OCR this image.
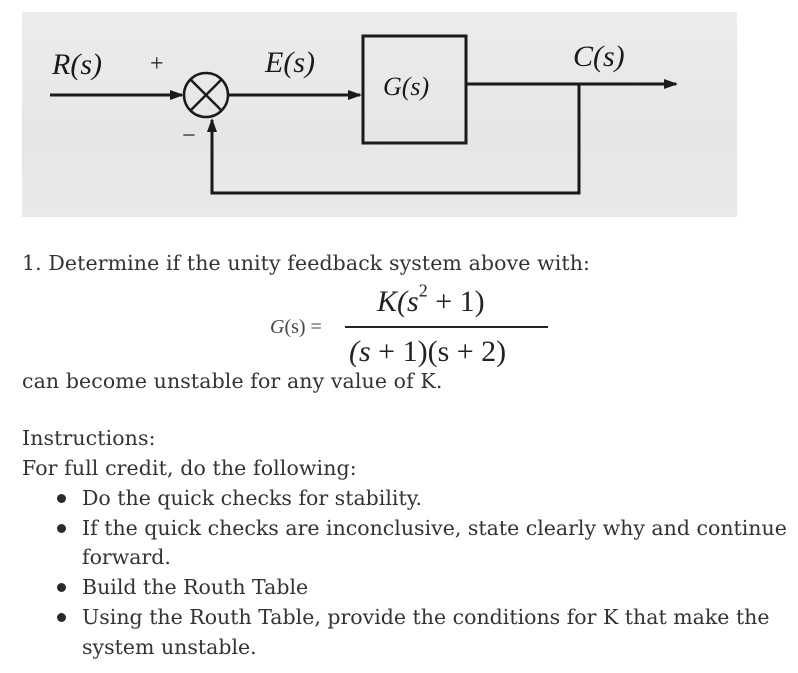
R(s) +
−
E(s)
G(s)
C(s)
1. Determine if the unity feedback system above with:
G(s) =
$K(s^2 + 1)$
(s + 1)(s + 2)
can become unstable for any value of K.
Instructions:
For full credit, do the following:
Do the quick checks for stability.
If the quick checks are inconclusive, state clearly why and continue
forward.
Build the Routh Table
Using the Routh Table, provide the conditions for K that make the
system unstable.
